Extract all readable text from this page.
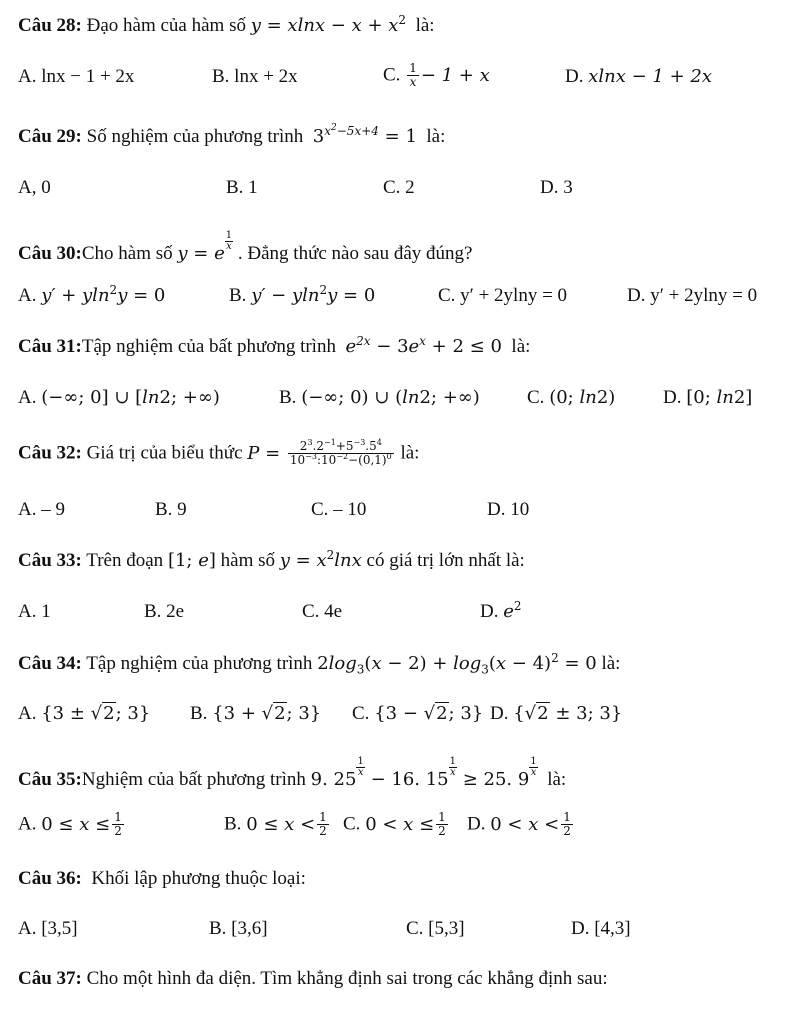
Câu 28: Đạo hàm của hàm số $y = xlnx - x + x^2$ là:
A. lnx − 1 + 2x	B. lnx + 2x	C. $\frac{1}{x} - 1 + x$	D. xlnx − 1 + 2x
Câu 29: Số nghiệm của phương trình $3^{x^2-5x+4} = 1$ là:
A, 0	B. 1	C. 2	D. 3
Câu 30:Cho hàm số y = e
$\frac{1}{x}$
. Đẳng thức nào sau đây đúng?
A. y′ + yln$^2$y = 0	B. y′ − yln$^2$y = 0	C. y′ + 2ylny = 0	D. y′ + 2ylny = 0
Câu 31:Tập nghiệm của bất phương trình $e^{2x} - 3e^x + 2 \le 0$ là:
A. (−∞; 0] ∪ [ln2; +∞)	B. (−∞; 0) ∪ (ln2; +∞) C. (0; ln2)	D. [0; ln2]
Câu 32: Giá trị của biểu thức $P = \frac{2^3.2^{-1}+5^{-3}.5^4}{10^{-3}:10^{-2}-(0,1)^0}$ là:
A. – 9	B. 9	C. – 10	D. 10
Câu 33: Trên đoạn [1; e] hàm số $y = x^2\ln x$ có giá trị lớn nhất là:
A. 1	B. 2e	C. 4e	D. $e^2$
Câu 34: Tập nghiệm của phương trình $2\log_3(x - 2) + \log_3(x - 4)^2 = 0$ là:
A. {3 ± √2; 3} B. {3 + √2; 3} C. {3 − √2; 3} D. {√2 ± 3; 3}
Câu 35:Nghiệm của bất phương trình 9. 25
$\frac{1}{x}$
− 16. 15
$\frac{1}{x}$
≥ 25. 9
$\frac{1}{x}$
là:
A. $0 \le x \le \frac{1}{2}$	B. $0 \le x < \frac{1}{2} C$. $0 < x \le \frac{1}{2} D$. $0 < x < \frac{1}{2}$
Câu 36: Khối lập phương thuộc loại:
A. [3,5]	B. [3,6]	C. [5,3]	D. [4,3]
Câu 37: Cho một hình đa diện. Tìm khẳng định sai trong các khẳng định sau:
